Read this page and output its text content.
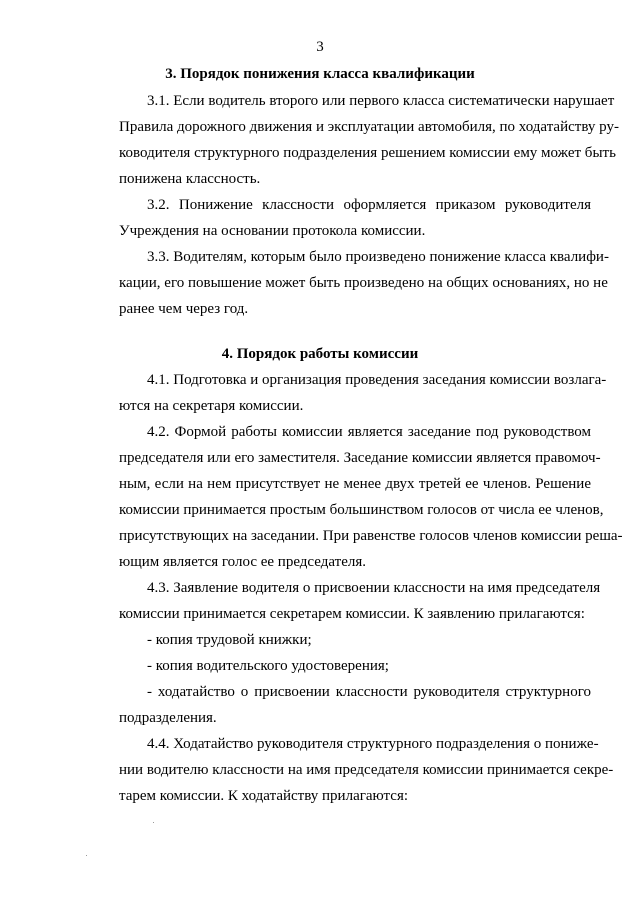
3
3. Порядок понижения класса квалификации
3.1. Если водитель второго или первого класса систематически нарушает
Правила дорожного движения и эксплуатации автомобиля, по ходатайству ру-
ководителя структурного подразделения решением комиссии ему может быть
понижена классность.
3.2. Понижение классности оформляется приказом руководителя
Учреждения на основании протокола комиссии.
3.3. Водителям, которым было произведено понижение класса квалифи-
кации, его повышение может быть произведено на общих основаниях, но не
ранее чем через год.
4. Порядок работы комиссии
4.1. Подготовка и организация проведения заседания комиссии возлага-
ются на секретаря комиссии.
4.2. Формой работы комиссии является заседание под руководством
председателя или его заместителя. Заседание комиссии является правомоч-
ным, если на нем присутствует не менее двух третей ее членов. Решение
комиссии принимается простым большинством голосов от числа ее членов,
присутствующих на заседании. При равенстве голосов членов комиссии реша-
ющим является голос ее председателя.
4.3. Заявление водителя о присвоении классности на имя председателя
комиссии принимается секретарем комиссии. К заявлению прилагаются:
- копия трудовой книжки;
- копия водительского удостоверения;
- ходатайство о присвоении классности руководителя структурного
подразделения.
4.4. Ходатайство руководителя структурного подразделения о понижe-
нии водителю классности на имя председателя комиссии принимается секре-
тарем комиссии. К ходатайству прилагаются:
